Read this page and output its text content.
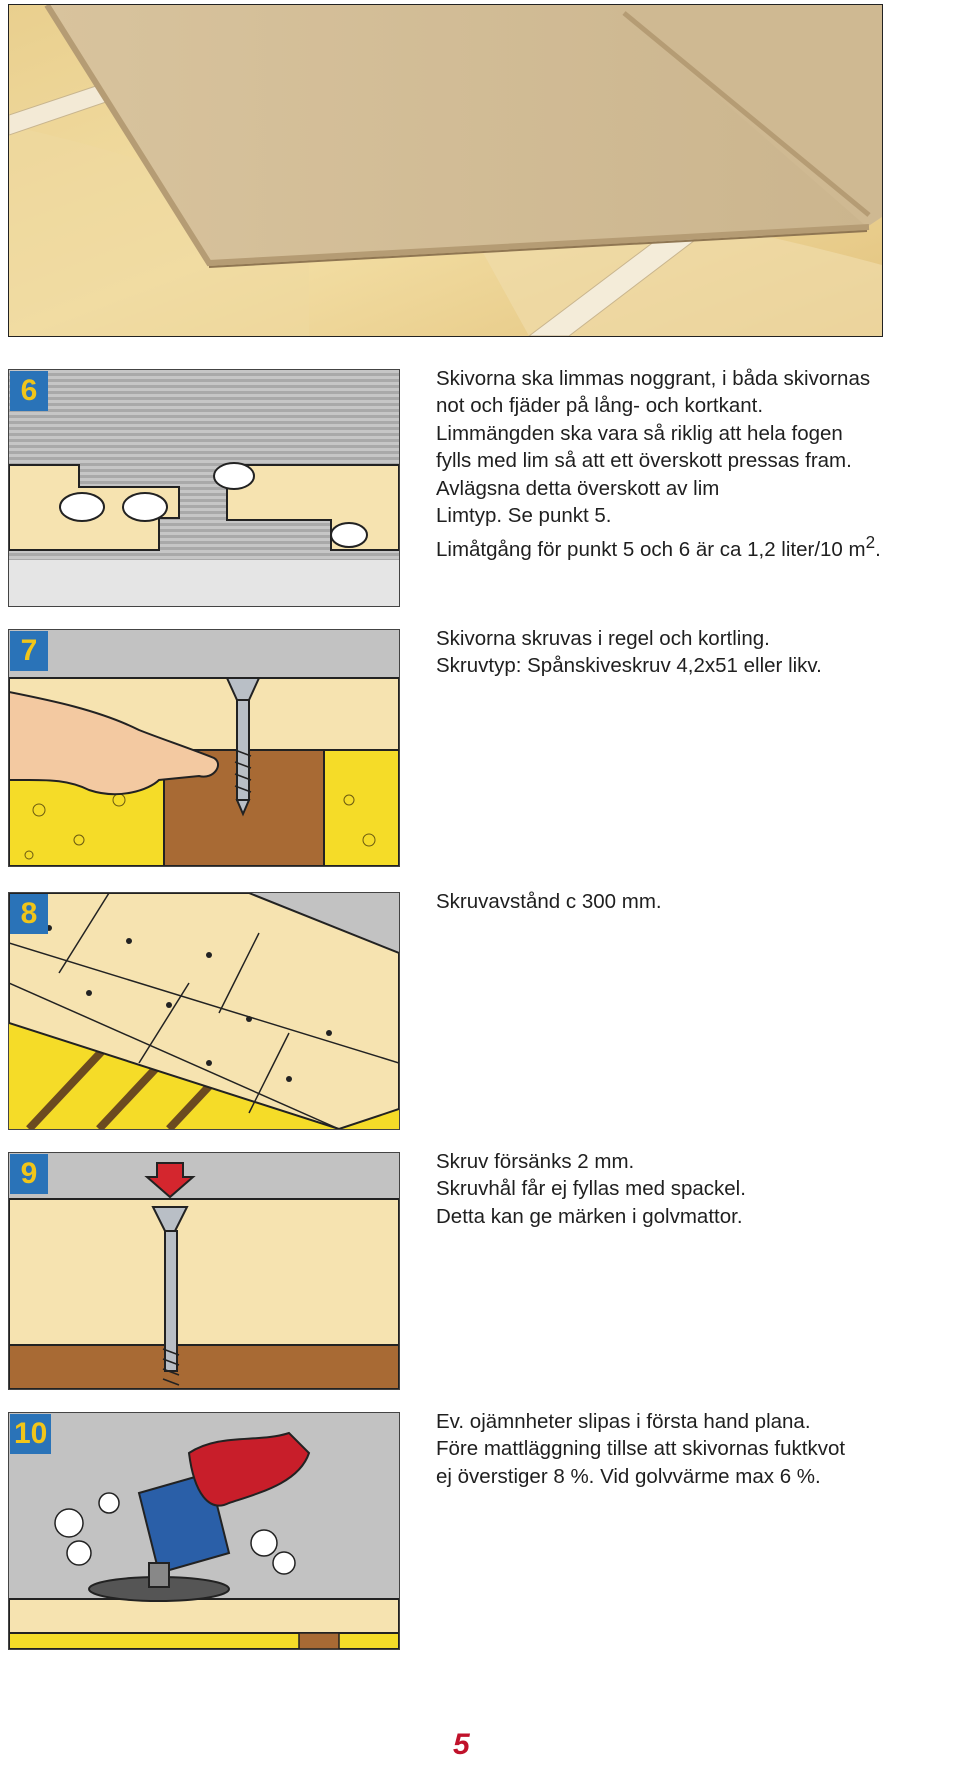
6	Skivorna ska limmas noggrant, i båda skivornas

not och fjäder på lång- och kortkant.

Limmängden ska vara så riklig att hela fogen

fylls med lim så att ett överskott pressas fram.

Avlägsna detta överskott av lim

Limtyp. Se punkt 5.

Limåtgång för punkt 5 och 6 är ca 1,2 liter/10 $m^2$.

7	Skivorna skruvas i regel och kortling.

Skruvtyp: Spånskiveskruv 4,2x51 eller likv.

8	Skruvavstånd c 300 mm.

9	Skruv försänks 2 mm.

Skruvhål får ej fyllas med spackel.

Detta kan ge märken i golvmattor.

10	Ev. ojämnheter slipas i första hand plana.

Före mattläggning tillse att skivornas fuktkvot

ej överstiger 8 %. Vid golvvärme max 6 %.

5
